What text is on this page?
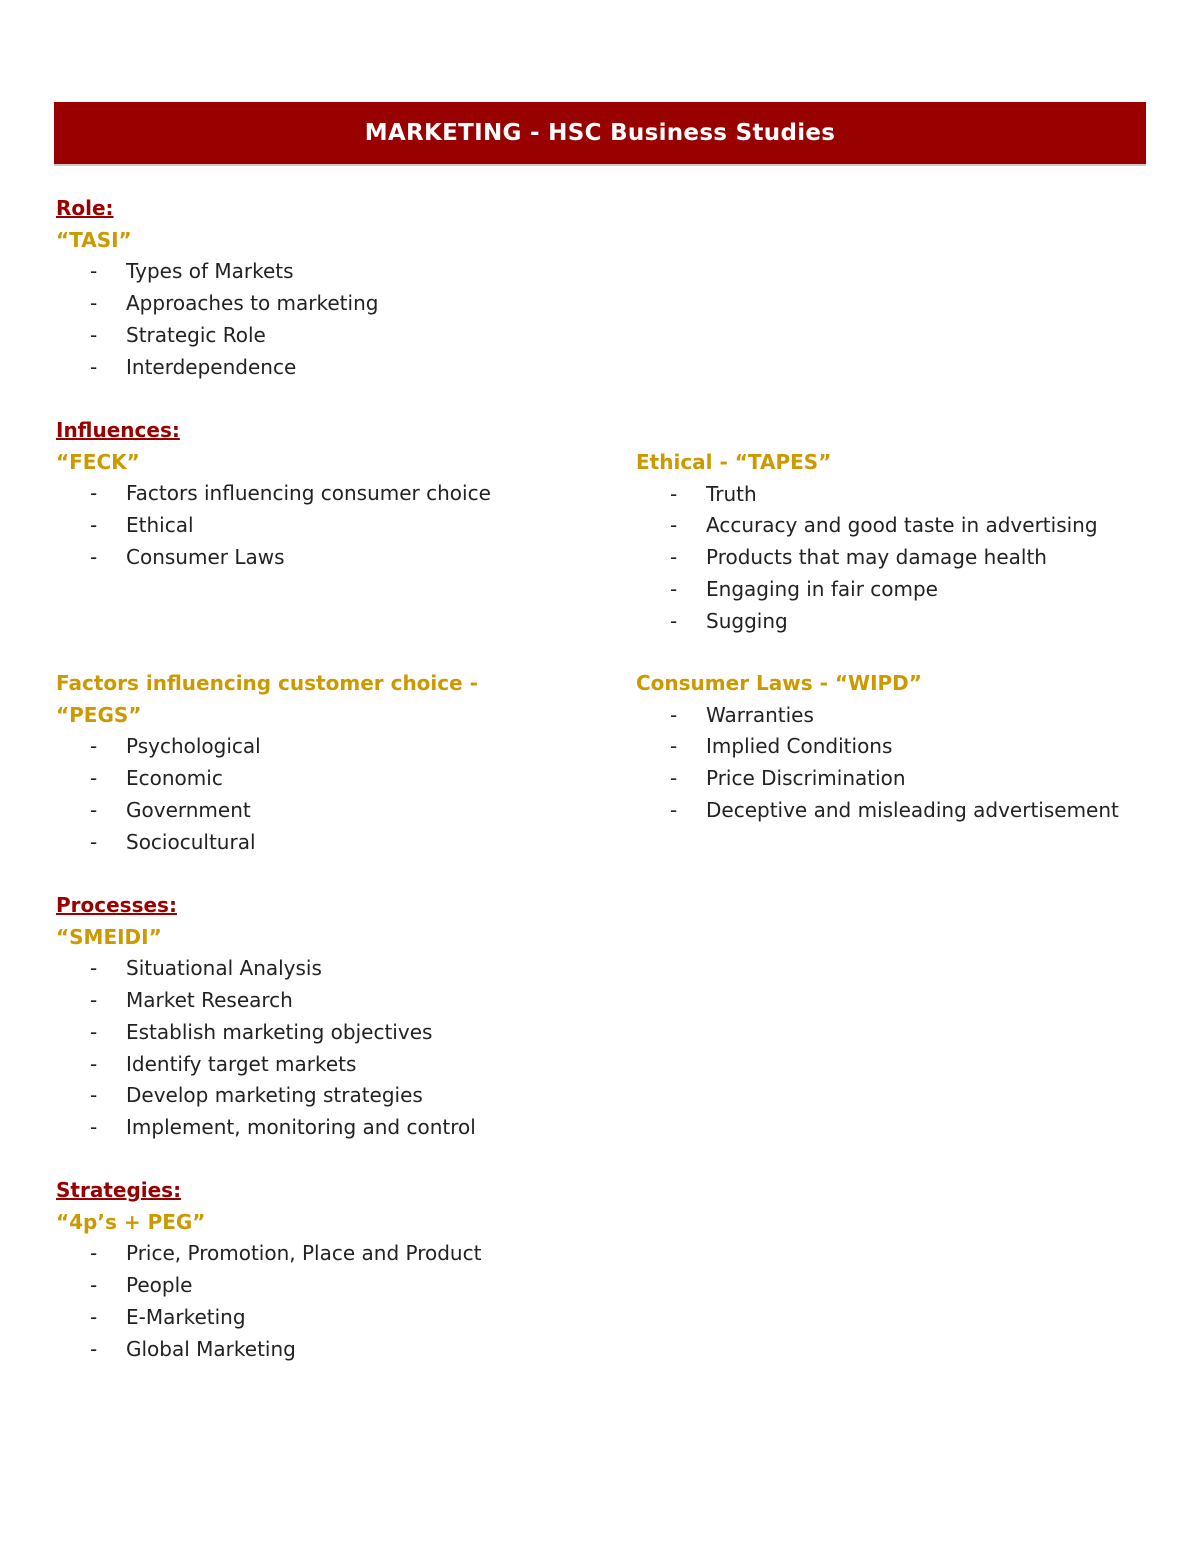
MARKETING - HSC Business Studies
Role:
“TASI”
- Types of Markets
- Approaches to marketing
- Strategic Role
- Interdependence
Influences:
“FECK”
- Factors influencing consumer choice
- Ethical
- Consumer Laws
Ethical - “TAPES”
- Truth
- Accuracy and good taste in advertising
- Products that may damage health
- Engaging in fair compe
- Sugging
Factors influencing customer choice -
“PEGS”
- Psychological
- Economic
- Government
- Sociocultural
Consumer Laws - “WIPD”
- Warranties
- Implied Conditions
- Price Discrimination
- Deceptive and misleading advertisement
Processes:
“SMEIDI”
- Situational Analysis
- Market Research
- Establish marketing objectives
- Identify target markets
- Develop marketing strategies
- Implement, monitoring and control
Strategies:
“4p’s + PEG”
- Price, Promotion, Place and Product
- People
- E-Marketing
- Global Marketing
